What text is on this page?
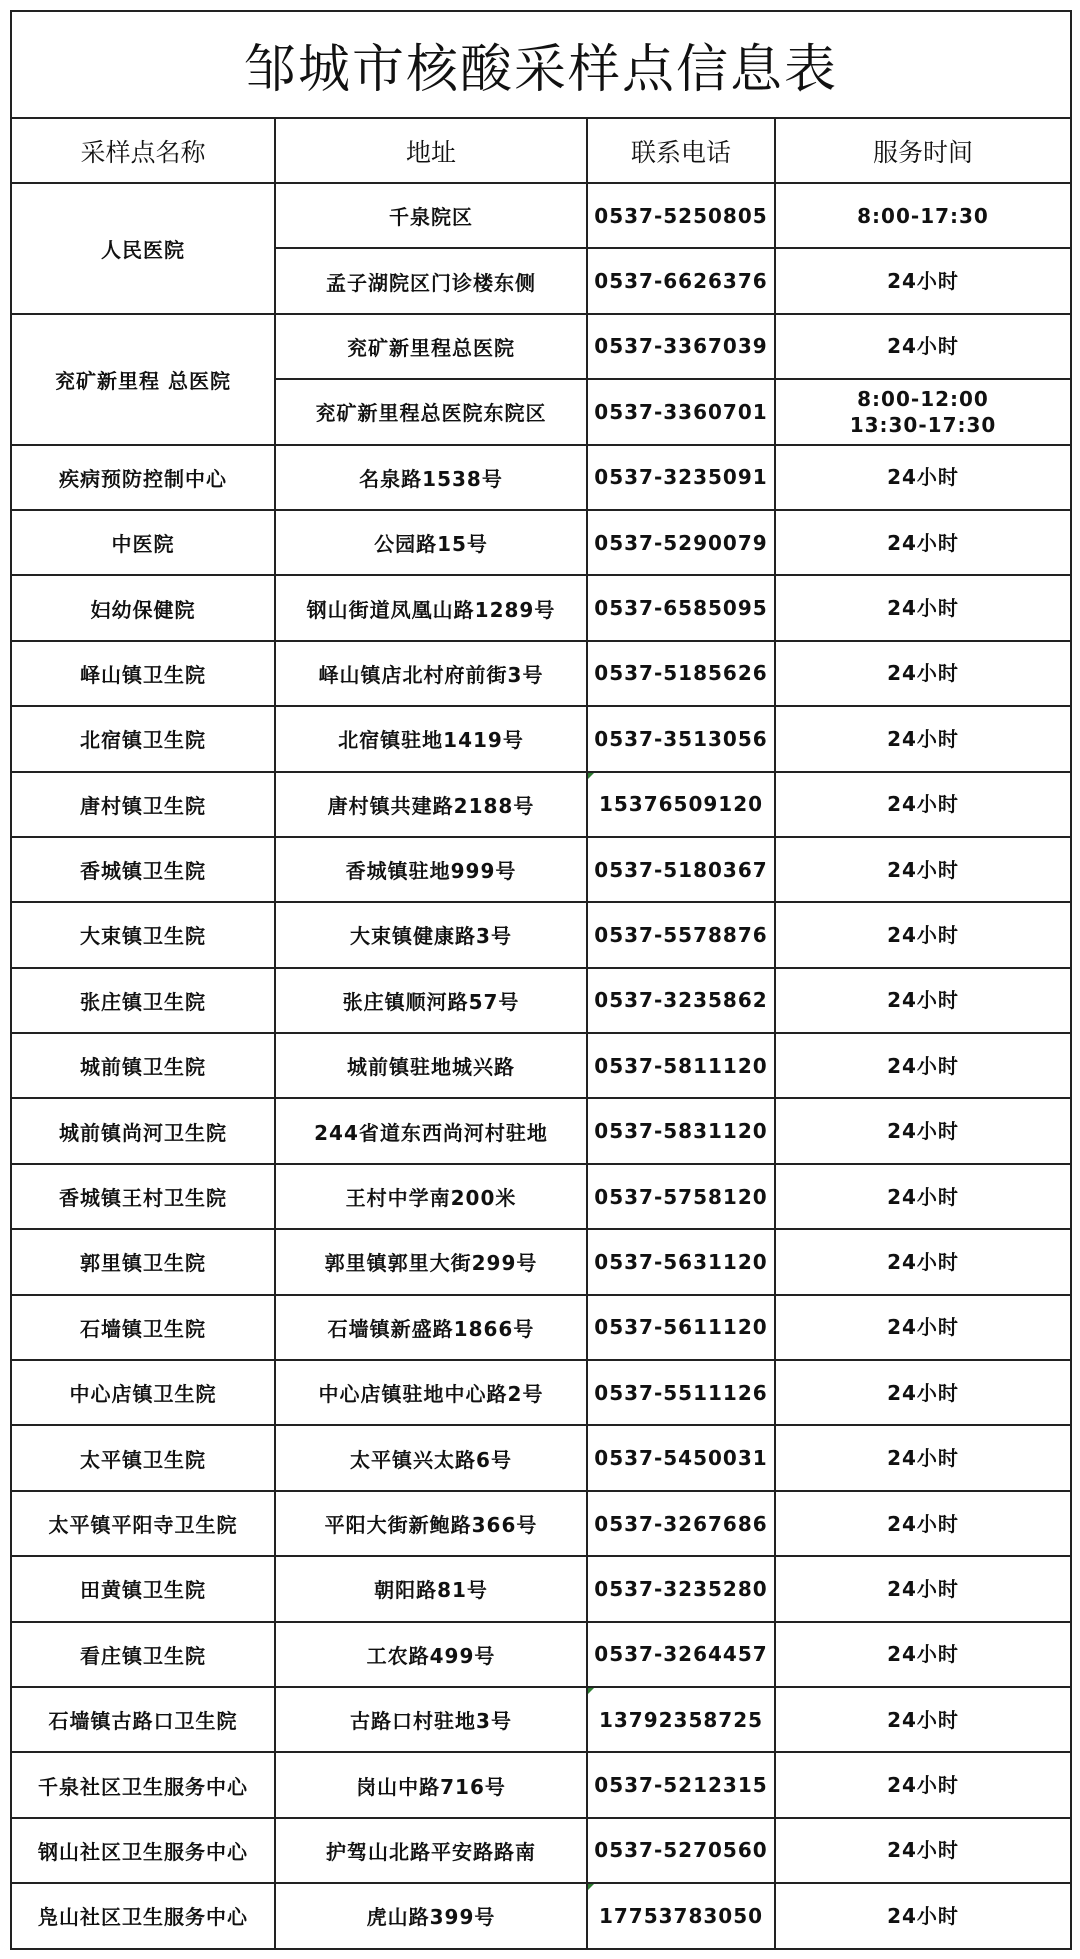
邹城市核酸采样点信息表			
采样点名称	地址	联系电话	服务时间
人民医院	千泉院区	0537-5250805	8:00-17:30

	孟子湖院区门诊楼东侧	0537-6626376	24小时

兖矿新里程 总医院	兖矿新里程总医院	0537-3367039	24小时

	兖矿新里程总医院东院区	0537-3360701	8:00-12:00
13:30-17:30

疾病预防控制中心	名泉路1538号	0537-3235091	24小时

中医院	公园路15号	0537-5290079	24小时

妇幼保健院	钢山街道凤凰山路1289号	0537-6585095	24小时

峄山镇卫生院	峄山镇店北村府前街3号	0537-5185626	24小时

北宿镇卫生院	北宿镇驻地1419号	0537-3513056	24小时

唐村镇卫生院	唐村镇共建路2188号	15376509120	24小时

香城镇卫生院	香城镇驻地999号	0537-5180367	24小时

大束镇卫生院	大束镇健康路3号	0537-5578876	24小时

张庄镇卫生院	张庄镇顺河路57号	0537-3235862	24小时

城前镇卫生院	城前镇驻地城兴路	0537-5811120	24小时

城前镇尚河卫生院	244省道东西尚河村驻地	0537-5831120	24小时

香城镇王村卫生院	王村中学南200米	0537-5758120	24小时

郭里镇卫生院	郭里镇郭里大街299号	0537-5631120	24小时

石墙镇卫生院	石墙镇新盛路1866号	0537-5611120	24小时

中心店镇卫生院	中心店镇驻地中心路2号	0537-5511126	24小时

太平镇卫生院	太平镇兴太路6号	0537-5450031	24小时

太平镇平阳寺卫生院	平阳大街新鲍路366号	0537-3267686	24小时

田黄镇卫生院	朝阳路81号	0537-3235280	24小时

看庄镇卫生院	工农路499号	0537-3264457	24小时

石墙镇古路口卫生院	古路口村驻地3号	13792358725	24小时

千泉社区卫生服务中心	岗山中路716号	0537-5212315	24小时

钢山社区卫生服务中心	护驾山北路平安路路南	0537-5270560	24小时

凫山社区卫生服务中心	虎山路399号	17753783050	24小时
